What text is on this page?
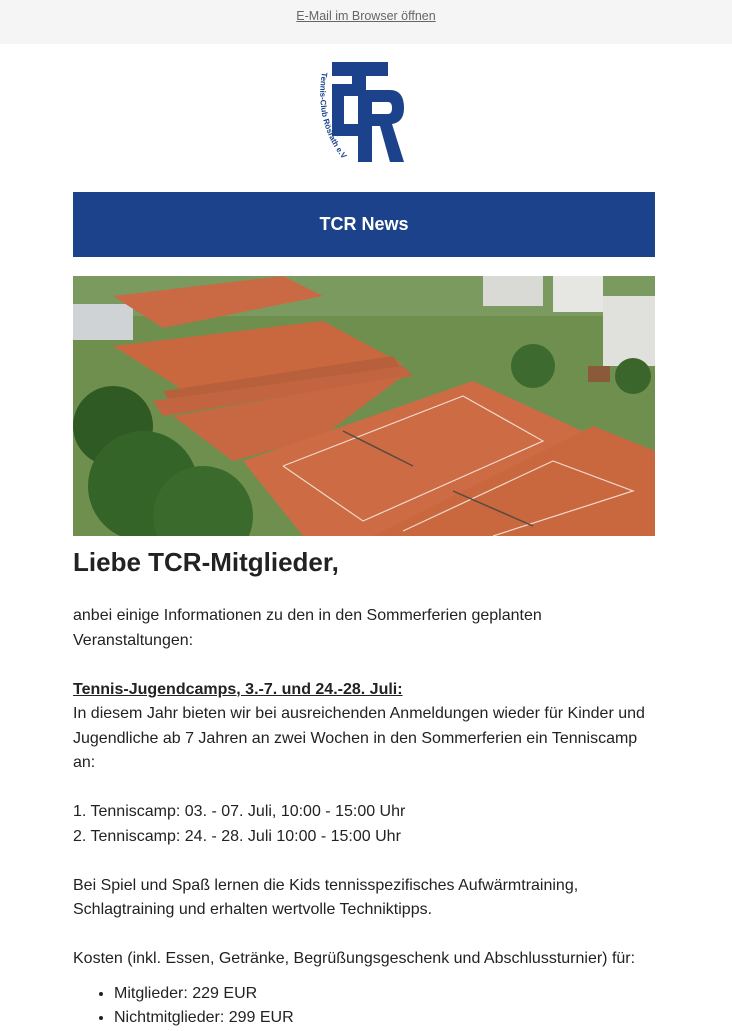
E-Mail im Browser öffnen
Tennis-Club Rösrath e.V
TCR News
Liebe TCR-Mitglieder,

anbei einige Informationen zu den in den Sommerferien geplanten Veranstaltungen:

Tennis-Jugendcamps, 3.-7. und 24.-28. Juli:

In diesem Jahr bieten wir bei ausreichenden Anmeldungen wieder für Kinder und Jugendliche ab 7 Jahren an zwei Wochen in den Sommerferien ein Tenniscamp an:

1. Tenniscamp: 03. - 07. Juli, 10:00 - 15:00 Uhr

2. Tenniscamp: 24. - 28. Juli 10:00 - 15:00 Uhr

Bei Spiel und Spaß lernen die Kids tennisspezifisches Aufwärmtraining, Schlagtraining und erhalten wertvolle Techniktipps.

Kosten (inkl. Essen, Getränke, Begrüßungsgeschenk und Abschlussturnier) für:

• Mitglieder: 229 EUR
• Nichtmitglieder: 299 EUR
